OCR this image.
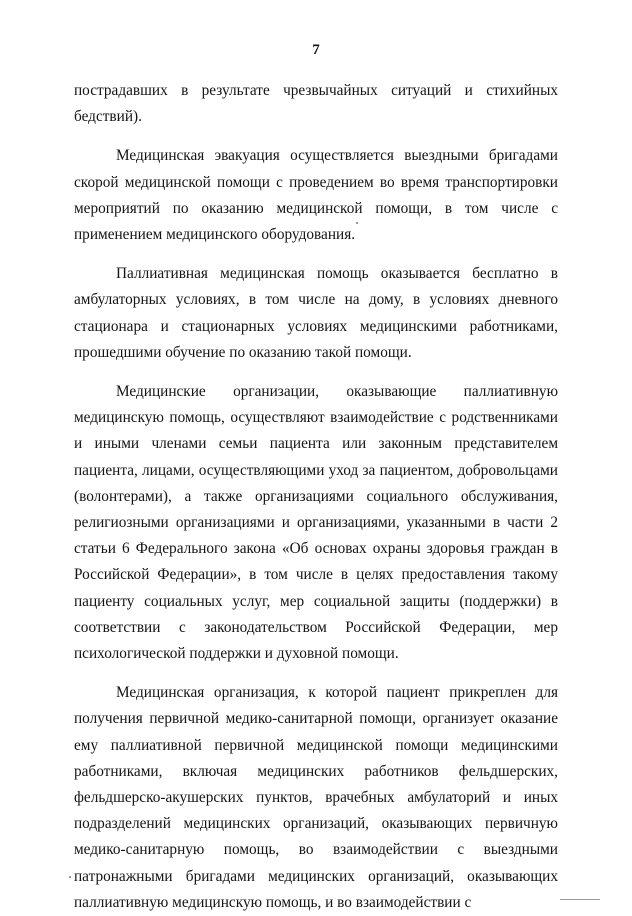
7

пострадавших в результате чрезвычайных ситуаций и стихийных бедствий).

Медицинская эвакуация осуществляется выездными бригадами скорой медицинской помощи с проведением во время транспортировки мероприятий по оказанию медицинской помощи, в том числе с применением медицинского оборудования.

Паллиативная медицинская помощь оказывается бесплатно в амбулаторных условиях, в том числе на дому, в условиях дневного стационара и стационарных условиях медицинскими работниками, прошедшими обучение по оказанию такой помощи.

Медицинские организации, оказывающие паллиативную медицинскую помощь, осуществляют взаимодействие с родственниками и иными членами семьи пациента или законным представителем пациента, лицами, осуществляющими уход за пациентом, добровольцами (волонтерами), а также организациями социального обслуживания, религиозными организациями и организациями, указанными в части 2 статьи 6 Федерального закона «Об основах охраны здоровья граждан в Российской Федерации», в том числе в целях предоставления такому пациенту социальных услуг, мер социальной защиты (поддержки) в соответствии с законодательством Российской Федерации, мер психологической поддержки и духовной помощи.

Медицинская организация, к которой пациент прикреплен для получения первичной медико-санитарной помощи, организует оказание ему паллиативной первичной медицинской помощи медицинскими работниками, включая медицинских работников фельдшерских, фельдшерско-акушерских пунктов, врачебных амбулаторий и иных подразделений медицинских организаций, оказывающих первичную медико-санитарную помощь, во взаимодействии с выездными патронажными бригадами медицинских организаций, оказывающих паллиативную медицинскую помощь, и во взаимодействии с
